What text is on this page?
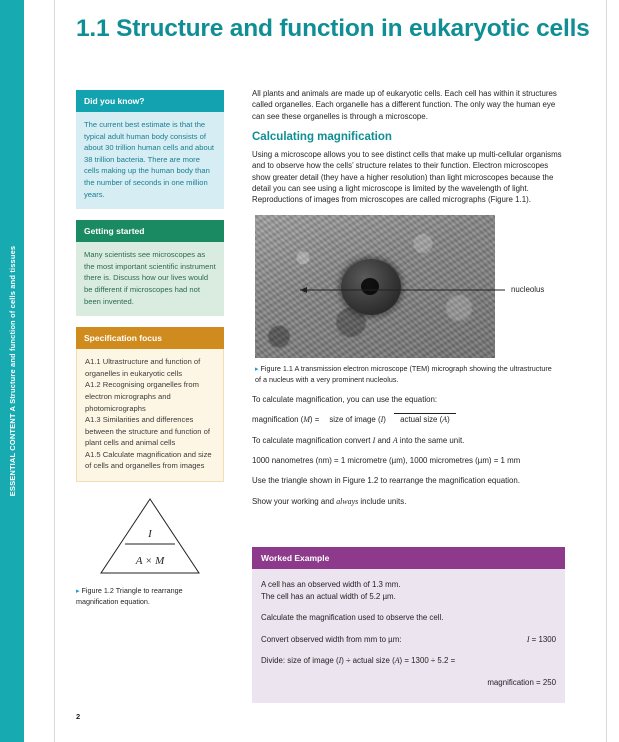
ESSENTIAL CONTENT A Structure and function of cells and tissues
1.1 Structure and function in eukaryotic cells
Did you know?
The current best estimate is that the typical adult human body consists of about 30 trillion human cells and about 38 trillion bacteria. There are more cells making up the human body than the number of seconds in one million years.
Getting started
Many scientists see microscopes as the most important scientific instrument there is. Discuss how our lives would be different if microscopes had not been invented.
Specification focus
A1.1 Ultrastructure and function of organelles in eukaryotic cells
A1.2 Recognising organelles from electron micrographs and photomicrographs
A1.3 Similarities and differences between the structure and function of plant cells and animal cells
A1.5 Calculate magnification and size of cells and organelles from images
I
A × M
▸ Figure 1.2 Triangle to rearrange magnification equation.

All plants and animals are made up of eukaryotic cells. Each cell has within it structures called organelles. Each organelle has a different function. The only way the human eye can see these organelles is through a microscope.

Calculating magnification

Using a microscope allows you to see distinct cells that make up multi-cellular organisms and to observe how the cells’ structure relates to their function. Electron microscopes show greater detail (they have a higher resolution) than light microscopes because the detail you can see using a light microscope is limited by the wavelength of light. Reproductions of images from microscopes are called micrographs (Figure 1.1).

▸ Figure 1.1 A transmission electron microscope (TEM) micrograph showing the ultrastructure of a nucleus with a very prominent nucleolus.

To calculate magnification, you can use the equation:

magnification ( M ) =	size of image (I) actual size (A)

To calculate magnification convert I and A into the same unit.

1000 nanometres (nm) = 1 micrometre (µm), 1000 micrometres (µm) = 1 mm

Use the triangle shown in Figure 1.2 to rearrange the magnification equation.

Show your working and always include units.

nucleolus
Worked Example

A cell has an observed width of 1.3 mm.
The cell has an actual width of 5.2 µm.

Calculate the magnification used to observe the cell.

Convert observed width from mm to µm:	I = 1300

Divide: size of image (I) ÷ actual size (A) = 1300 ÷ 5.2 =

magnification = 250

2
